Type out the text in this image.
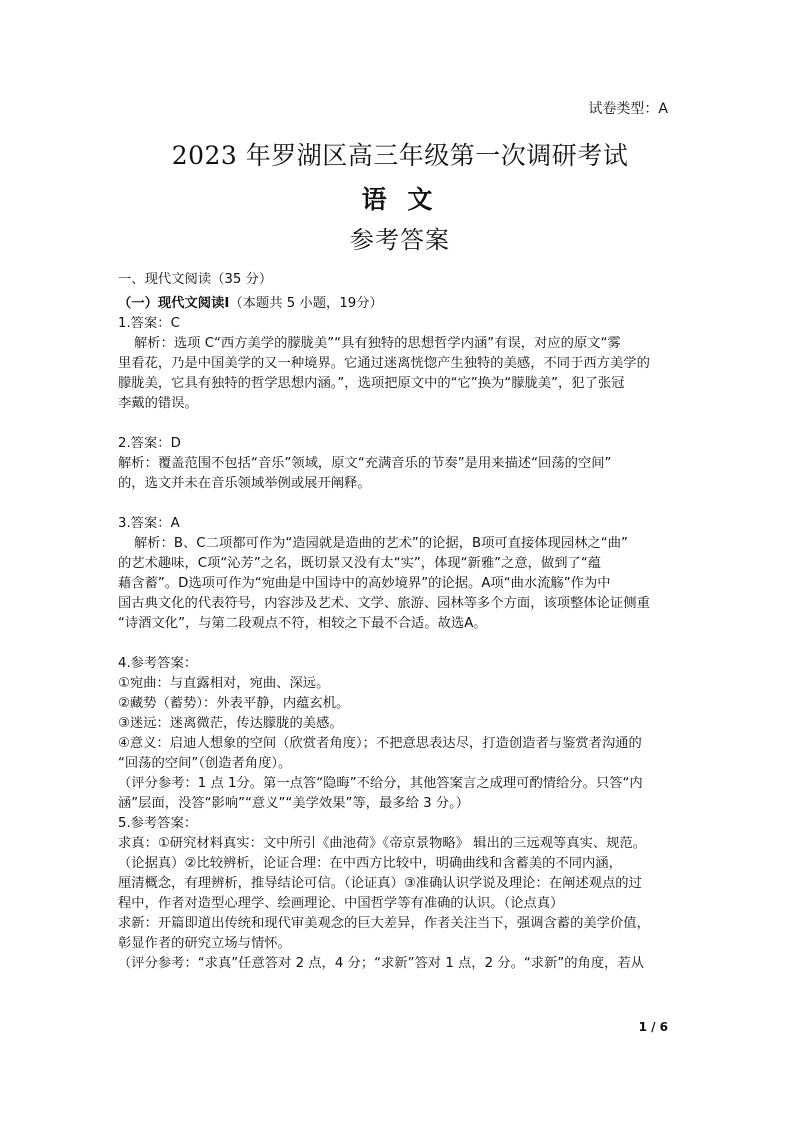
试卷类型：A
2023 年罗湖区高三年级第一次调研考试
语 文
参考答案

一、现代文阅读（35 分）

（一）现代文阅读Ⅰ（本题共 5 小题，19分）

1.答案：C

解析：选项 C“西方美学的朦胧美”“具有独特的思想哲学内涵”有误，对应的原文“雾

里看花，乃是中国美学的又一种境界。它通过迷离恍惚产生独特的美感，不同于西方美学的

朦胧美，它具有独特的哲学思想内涵。”，选项把原文中的“它”换为“朦胧美”，犯了张冠

李戴的错误。

2.答案：D

解析：覆盖范围不包括“音乐”领域，原文“充满音乐的节奏”是用来描述“回荡的空间”

的，选文并未在音乐领域举例或展开阐释。

3.答案：A

解析：B、C二项都可作为“造园就是造曲的艺术”的论据，B项可直接体现园林之“曲”

的艺术趣味，C项“沁芳”之名，既切景又没有太“实”，体现“新雅”之意，做到了“蕴

藉含蓄”。D选项可作为“宛曲是中国诗中的高妙境界”的论据。A项“曲水流觞”作为中

国古典文化的代表符号，内容涉及艺术、文学、旅游、园林等多个方面，该项整体论证侧重

“诗酒文化”，与第二段观点不符，相较之下最不合适。故选A。

4.参考答案：

①宛曲：与直露相对，宛曲、深远。

②藏势（蓄势）：外表平静，内蕴玄机。

③迷远：迷离微茫，传达朦胧的美感。

④意义：启迪人想象的空间（欣赏者角度）；不把意思表达尽，打造创造者与鉴赏者沟通的

“回荡的空间”（创造者角度）。

（评分参考：1 点 1分。第一点答“隐晦”不给分，其他答案言之成理可酌情给分。只答“内

涵”层面，没答“影响”“意义”“美学效果”等，最多给 3 分。）

5.参考答案：

求真：①研究材料真实：文中所引《曲池荷》《帝京景物略》 辑出的三远观等真实、规范。

（论据真）②比较辨析，论证合理：在中西方比较中，明确曲线和含蓄美的不同内涵，

厘清概念，有理辨析，推导结论可信。（论证真）③准确认识学说及理论：在阐述观点的过

程中，作者对造型心理学、绘画理论、中国哲学等有准确的认识。（论点真）

求新：开篇即道出传统和现代审美观念的巨大差异，作者关注当下，强调含蓄的美学价值，

彰显作者的研究立场与情怀。

（评分参考：“求真”任意答对 2 点，4 分；“求新”答对 1 点，2 分。“求新”的角度，若从

1 / 6
